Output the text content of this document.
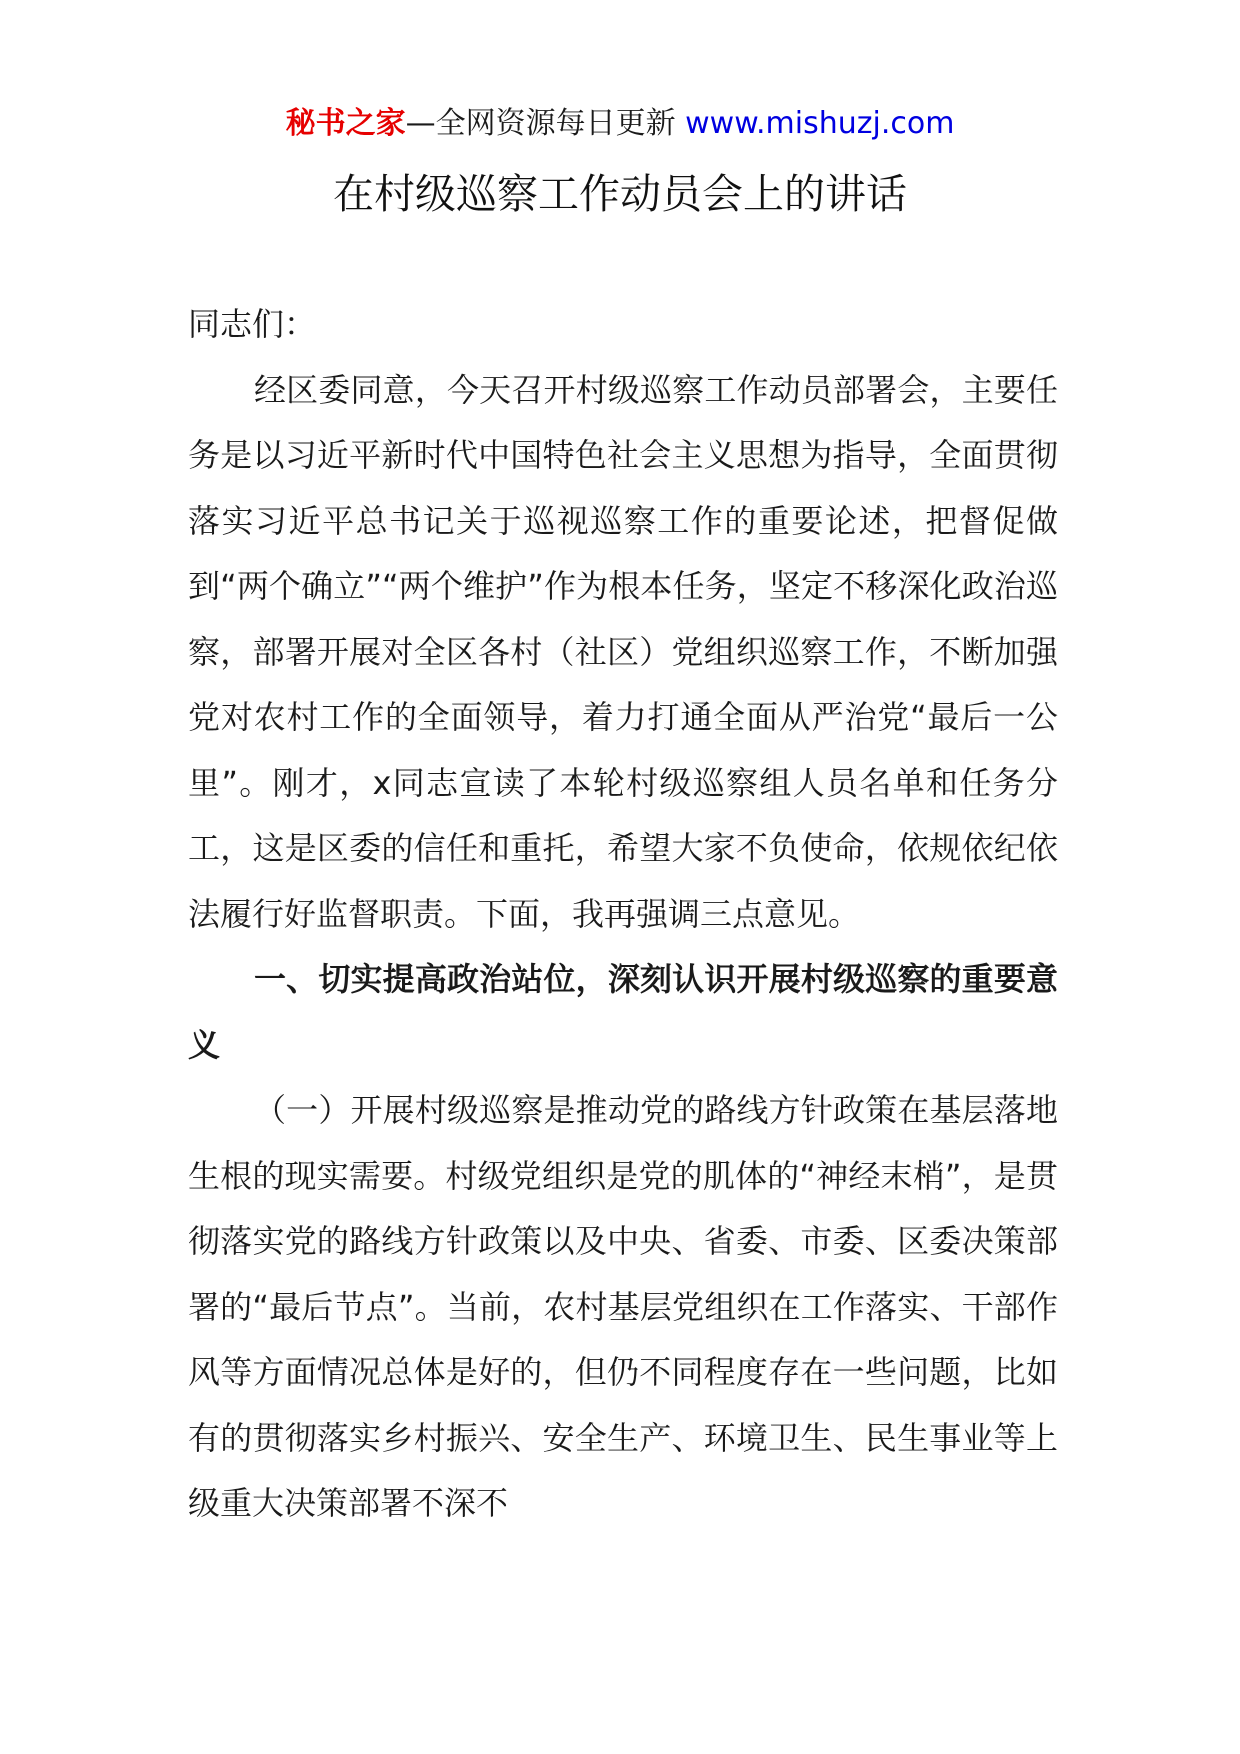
秘书之家—全网资源每日更新 www.mishuzj.com
在村级巡察工作动员会上的讲话

同志们：

经区委同意，今天召开村级巡察工作动员部署会，主要任务是以习近平新时代中国特色社会主义思想为指导，全面贯彻落实习近平总书记关于巡视巡察工作的重要论述，把督促做到“两个确立”“两个维护”作为根本任务，坚定不移深化政治巡察，部署开展对全区各村（社区）党组织巡察工作，不断加强党对农村工作的全面领导，着力打通全面从严治党“最后一公里”。刚才，x同志宣读了本轮村级巡察组人员名单和任务分工，这是区委的信任和重托，希望大家不负使命，依规依纪依法履行好监督职责。下面，我再强调三点意见。

一、切实提高政治站位，深刻认识开展村级巡察的重要意义

（一）开展村级巡察是推动党的路线方针政策在基层落地生根的现实需要。村级党组织是党的肌体的“神经末梢”，是贯彻落实党的路线方针政策以及中央、省委、市委、区委决策部署的“最后节点”。当前，农村基层党组织在工作落实、干部作风等方面情况总体是好的，但仍不同程度存在一些问题，比如有的贯彻落实乡村振兴、安全生产、环境卫生、民生事业等上级重大决策部署不深不
